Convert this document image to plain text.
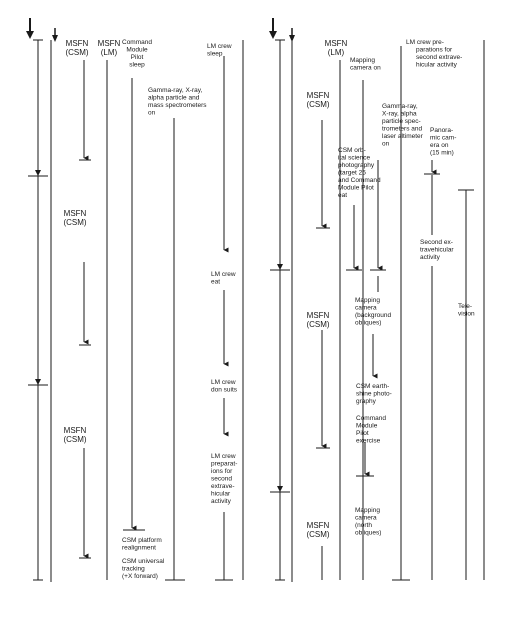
MSFN (CSM)
MSFN (LM)
Command Module Pilot sleep
Gamma-ray, X-ray, alpha particle and mass spectrometers on
LM crew sleep
MSFN (CSM)
LM crew eat
LM crew don suits
LM crew preparat-ions for second extrave-hicular activity
MSFN (CSM)
CSM platform realignment
CSM universal tracking (+X forward)
MSFN (LM)
Mapping camera on
LM crew pre-parations for second extrave-hicular activity
MSFN (CSM)	Gamma-ray, X-ray, alpha particle spec-trometers and laser altimeter on
CSM orb-ital science photography (target 25 and Command Module Pilot eat
Panora-mic cam-era on (15 min)
Second ex-travehicular activity
Mapping camera (background obliques)
Tele-vision
MSFN (CSM)
CSM earth-shine photo-graphy
Command Module Pilot exercise
Mapping camera (north obliques)
MSFN (CSM)
